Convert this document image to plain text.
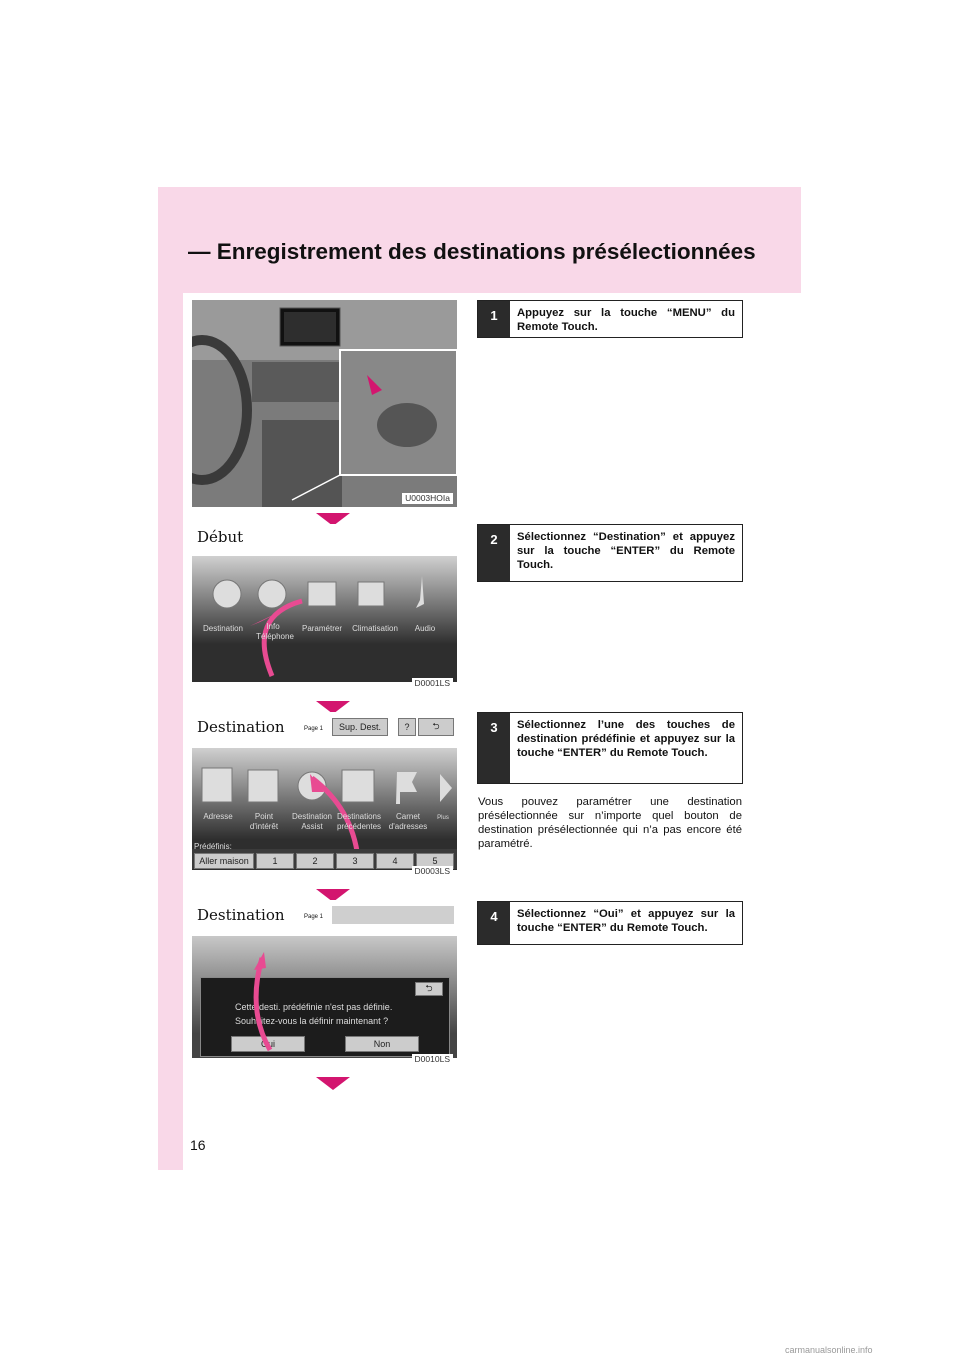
— Enregistrement des destinations présélectionnées
U0003HOIa
Début
Destination	Info
Téléphone
Paramétrer	Climatisation	Audio
D0001LS
Destination	Page 1	Sup. Dest.	?	⮌
Adresse	Point
d'intérêt
Destination
Assist
Destinations
précédentes
Carnet
d'adresses
Plus
Prédéfinis:
Aller maison	1	2	3	4	5
D0003LS
Destination	Page 1
⮌
Cette desti. prédéfinie n'est pas définie.
Souhaitez-vous la définir maintenant ?
Oui	Non
D0010LS
1	Appuyez sur la touche “MENU” du Remote Touch.
2	Sélectionnez “Destination” et appuyez sur la touche “ENTER” du Remote Touch.
3	Sélectionnez l’une des touches de destination prédéfinie et appuyez sur la touche “ENTER” du Remote Touch.
Vous pouvez paramétrer une destination présélectionnée sur n’importe quel bouton de destination présélectionnée qui n’a pas encore été paramétré.
4	Sélectionnez “Oui” et appuyez sur la touche “ENTER” du Remote Touch.
16
carmanualsonline.info
